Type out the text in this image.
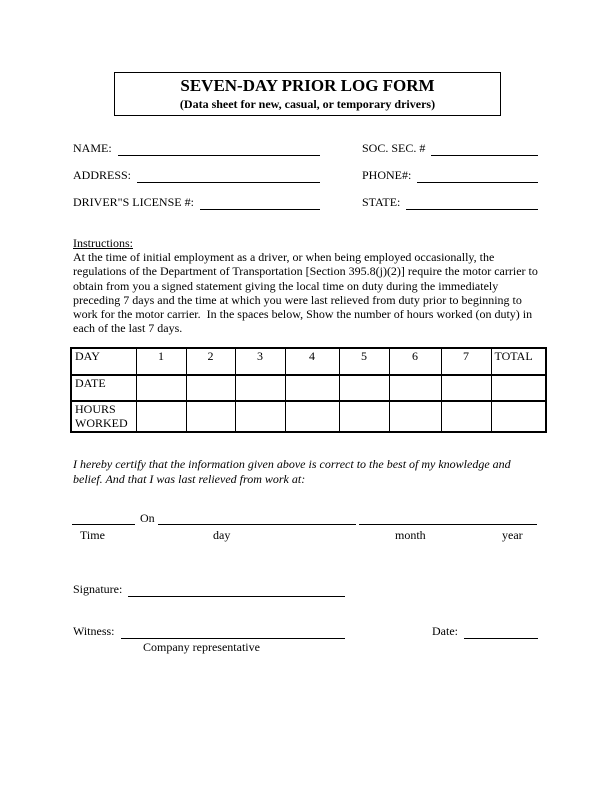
SEVEN-DAY PRIOR LOG FORM
(Data sheet for new, casual, or temporary drivers)
NAME:	SOC. SEC. #
ADDRESS:	PHONE#:
DRIVER"S LICENSE #:	STATE:
Instructions:
At the time of initial employment as a driver, or when being employed occasionally, the
regulations of the Department of Transportation [Section 395.8(j)(2)] require the motor carrier to
obtain from you a signed statement giving the local time on duty during the immediately
preceding 7 days and the time at which you were last relieved from duty prior to beginning to
work for the motor carrier.  In the spaces below, Show the number of hours worked (on duty) in
each of the last 7 days.
DAY	1	2	3	4	5	6	7	TOTAL
DATE								
HOURS WORKED								
I hereby certify that the information given above is correct to the best of my knowledge and
belief. And that I was last relieved from work at:
On
Time	day	month	year
Signature:
Witness:	Date:
Company representative
